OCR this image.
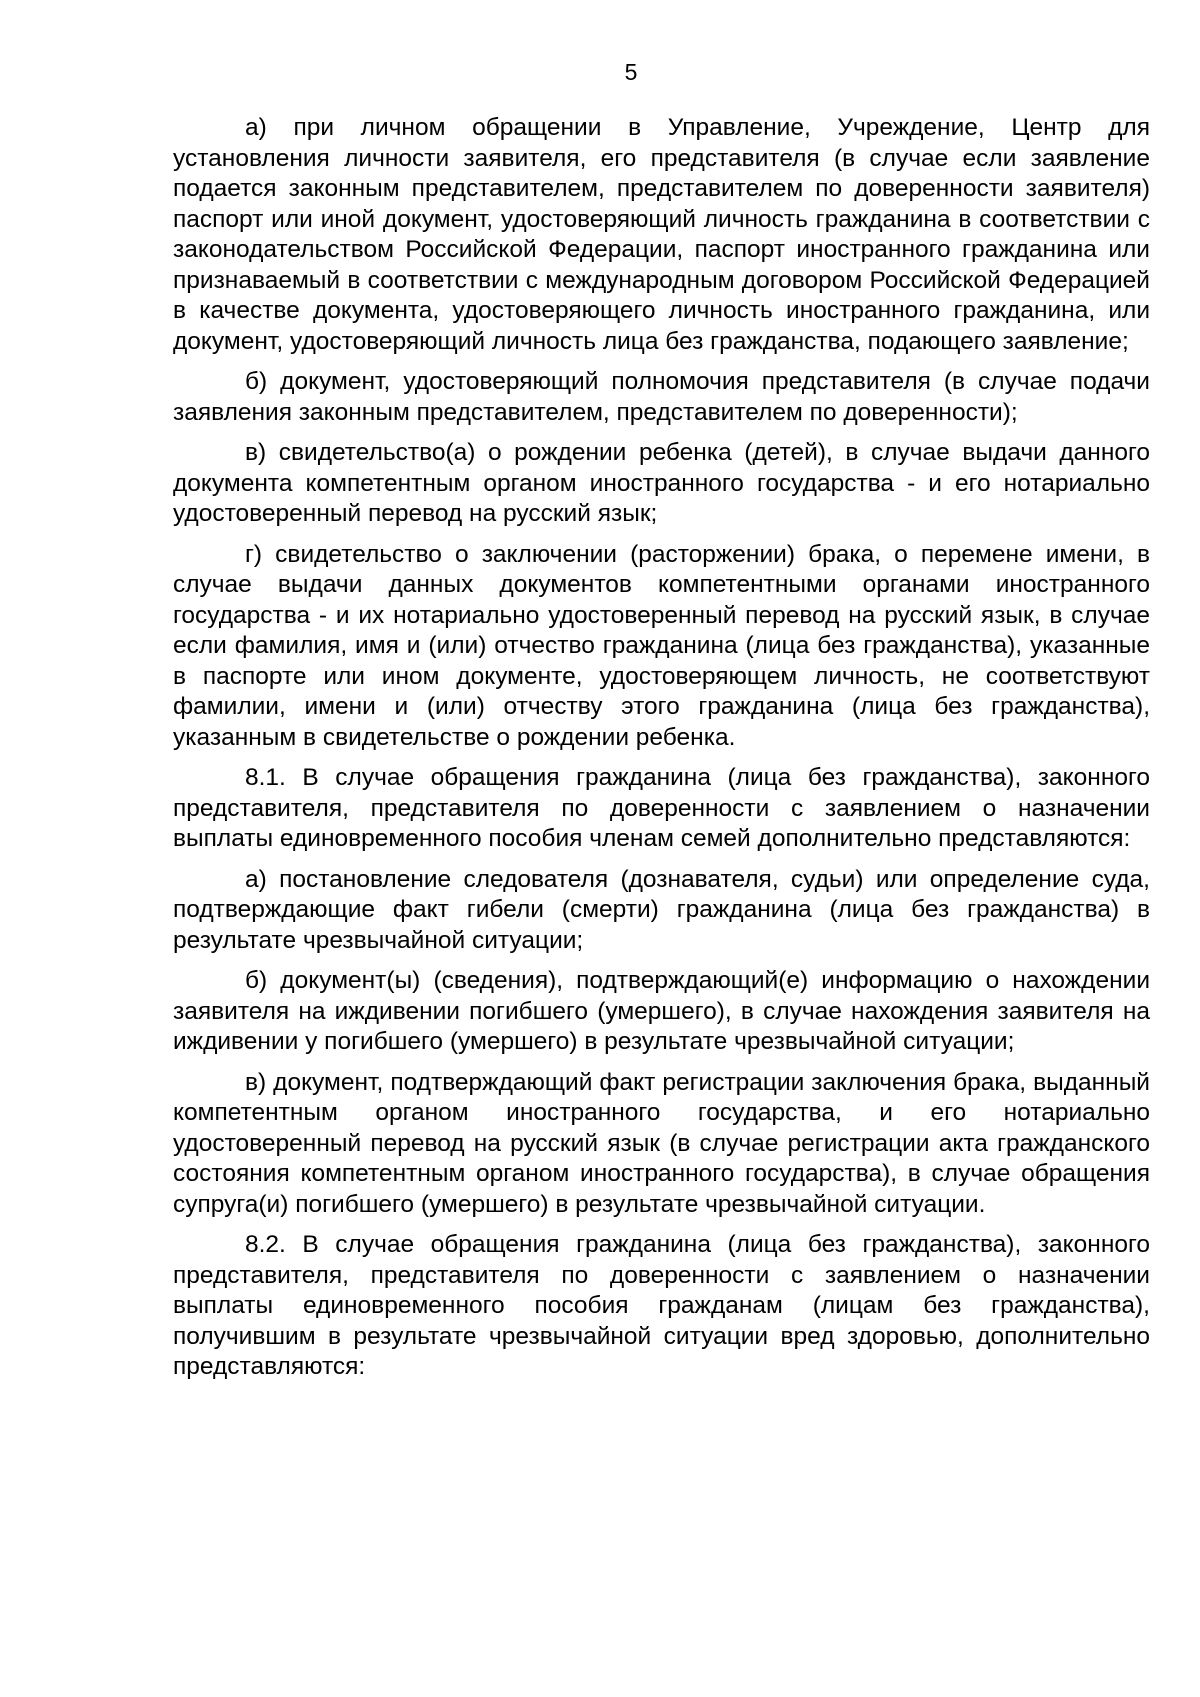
5

а) при личном обращении в Управление, Учреждение, Центр для установления личности заявителя, его представителя (в случае если заявление подается законным представителем, представителем по доверенности заявителя) паспорт или иной документ, удостоверяющий личность гражданина в соответствии с законодательством Российской Федерации, паспорт иностранного гражданина или признаваемый в соответствии с международным договором Российской Федерацией в качестве документа, удостоверяющего личность иностранного гражданина, или документ, удостоверяющий личность лица без гражданства, подающего заявление;

б) документ, удостоверяющий полномочия представителя (в случае подачи заявления законным представителем, представителем по доверенности);

в) свидетельство(а) о рождении ребенка (детей), в случае выдачи данного документа компетентным органом иностранного государства - и его нотариально удостоверенный перевод на русский язык;

г) свидетельство о заключении (расторжении) брака, о перемене имени, в случае выдачи данных документов компетентными органами иностранного государства - и их нотариально удостоверенный перевод на русский язык, в случае если фамилия, имя и (или) отчество гражданина (лица без гражданства), указанные в паспорте или ином документе, удостоверяющем личность, не соответствуют фамилии, имени и (или) отчеству этого гражданина (лица без гражданства), указанным в свидетельстве о рождении ребенка.

8.1. В случае обращения гражданина (лица без гражданства), законного представителя, представителя по доверенности с заявлением о назначении выплаты единовременного пособия членам семей дополнительно представляются:

а) постановление следователя (дознавателя, судьи) или определение суда, подтверждающие факт гибели (смерти) гражданина (лица без гражданства) в результате чрезвычайной ситуации;

б) документ(ы) (сведения), подтверждающий(е) информацию о нахождении заявителя на иждивении погибшего (умершего), в случае нахождения заявителя на иждивении у погибшего (умершего) в результате чрезвычайной ситуации;

в) документ, подтверждающий факт регистрации заключения брака, выданный компетентным органом иностранного государства, и его нотариально удостоверенный перевод на русский язык (в случае регистрации акта гражданского состояния компетентным органом иностранного государства), в случае обращения супруга(и) погибшего (умершего) в результате чрезвычайной ситуации.

8.2. В случае обращения гражданина (лица без гражданства), законного представителя, представителя по доверенности с заявлением о назначении выплаты единовременного пособия гражданам (лицам без гражданства), получившим в результате чрезвычайной ситуации вред здоровью, дополнительно представляются:
